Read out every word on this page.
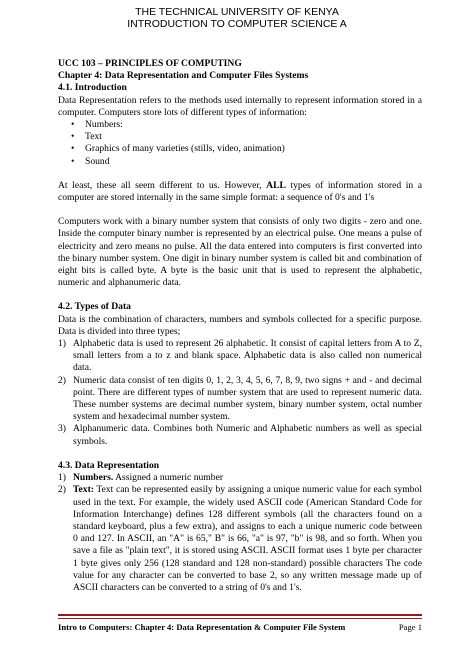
THE TECHNICAL UNIVERSITY OF KENYA
INTRODUCTION TO COMPUTER SCIENCE A

UCC 103 – PRINCIPLES OF COMPUTING

Chapter 4: Data Representation and Computer Files Systems

4.1. Introduction

Data Representation refers to the methods used internally to represent information stored in a computer. Computers store lots of different types of information:

• Numbers:
• Text
• Graphics of many varieties (stills, video, animation)
• Sound

At least, these all seem different to us. However, ALL types of information stored in a computer are stored internally in the same simple format: a sequence of 0's and 1's

Computers work with a binary number system that consists of only two digits - zero and one. Inside the computer binary number is represented by an electrical pulse. One means a pulse of electricity and zero means no pulse. All the data entered into computers is first converted into the binary number system. One digit in binary number system is called bit and combination of eight bits is called byte. A byte is the basic unit that is used to represent the alphabetic, numeric and alphanumeric data.

4.2. Types of Data

Data is the combination of characters, numbers and symbols collected for a specific purpose. Data is divided into three types;

1) Alphabetic data is used to represent 26 alphabetic. It consist of capital letters from A to Z, small letters from a to z and blank space. Alphabetic data is also called non numerical data.
2) Numeric data consist of ten digits 0, 1, 2, 3, 4, 5, 6, 7, 8, 9, two signs + and - and decimal point. There are different types of number system that are used to represent numeric data. These number systems are decimal number system, binary number system, octal number system and hexadecimal number system.
3) Alphanumeric data. Combines both Numeric and Alphabetic numbers as well as special symbols.

4.3. Data Representation

1) Numbers. Assigned a numeric number
2) Text: Text can be represented easily by assigning a unique numeric value for each symbol used in the text. For example, the widely used ASCII code (American Standard Code for Information Interchange) defines 128 different symbols (all the characters found on a standard keyboard, plus a few extra), and assigns to each a unique numeric code between 0 and 127. In ASCII, an "A" is 65," B" is 66, "a" is 97, "b" is 98, and so forth. When you save a file as "plain text", it is stored using ASCII. ASCII format uses 1 byte per character 1 byte gives only 256 (128 standard and 128 non-standard) possible characters The code value for any character can be converted to base 2, so any written message made up of ASCII characters can be converted to a string of 0's and 1's.
Intro to Computers: Chapter 4: Data Representation & Computer File System	Page 1
